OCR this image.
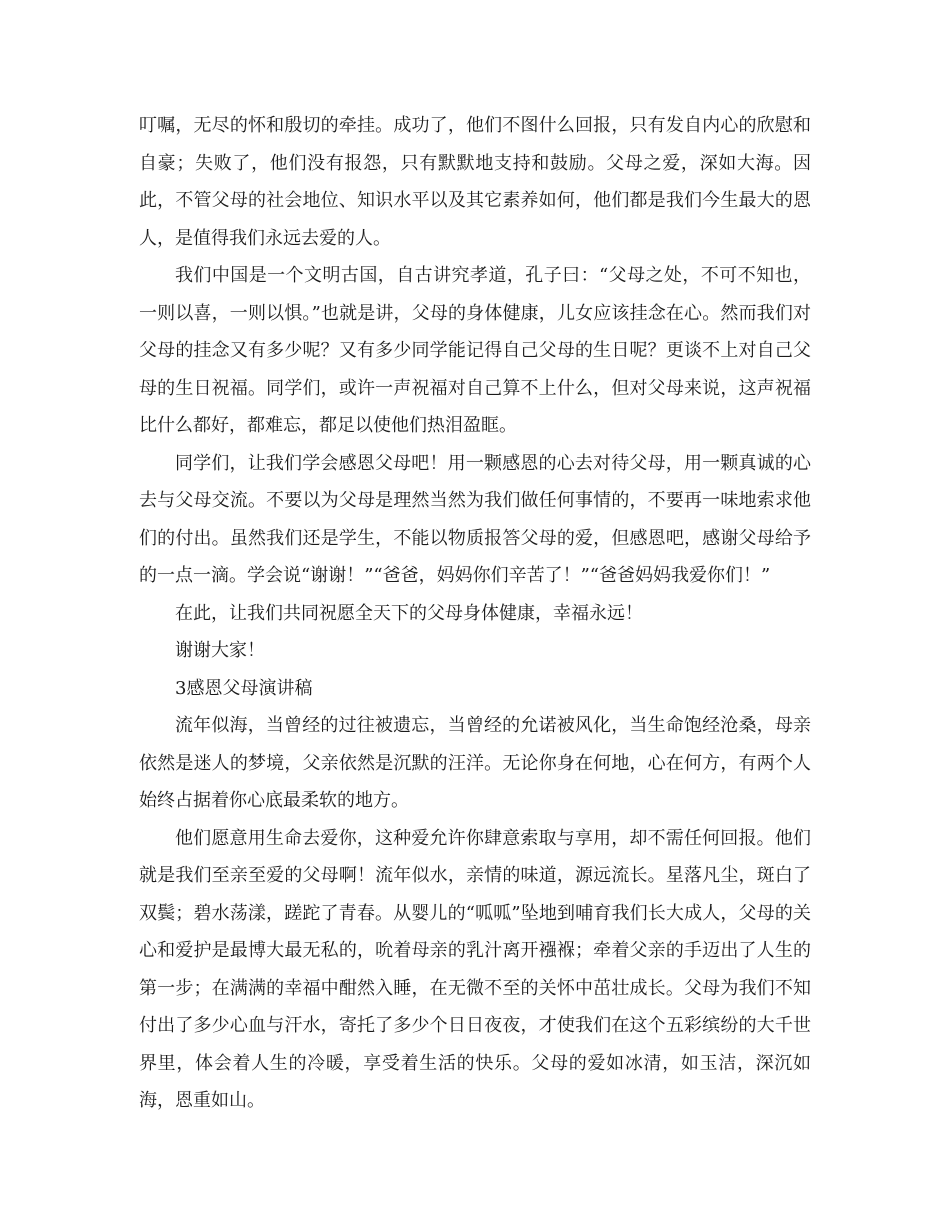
叮嘱，无尽的怀和殷切的牵挂。成功了，他们不图什么回报，只有发自内心的欣慰和自豪；失败了，他们没有报怨，只有默默地支持和鼓励。父母之爱，深如大海。因此，不管父母的社会地位、知识水平以及其它素养如何，他们都是我们今生最大的恩人，是值得我们永远去爱的人。

我们中国是一个文明古国，自古讲究孝道，孔子曰：“父母之处，不可不知也，一则以喜，一则以惧。”也就是讲，父母的身体健康，儿女应该挂念在心。然而我们对父母的挂念又有多少呢？又有多少同学能记得自己父母的生日呢？更谈不上对自己父母的生日祝福。同学们，或许一声祝福对自己算不上什么，但对父母来说，这声祝福比什么都好，都难忘，都足以使他们热泪盈眶。

同学们，让我们学会感恩父母吧！用一颗感恩的心去对待父母，用一颗真诚的心去与父母交流。不要以为父母是理然当然为我们做任何事情的，不要再一味地索求他们的付出。虽然我们还是学生，不能以物质报答父母的爱，但感恩吧，感谢父母给予的一点一滴。学会说“谢谢！”“爸爸，妈妈你们辛苦了！”“爸爸妈妈我爱你们！”

在此，让我们共同祝愿全天下的父母身体健康，幸福永远！

谢谢大家！

3感恩父母演讲稿

流年似海，当曾经的过往被遗忘，当曾经的允诺被风化，当生命饱经沧桑，母亲依然是迷人的梦境，父亲依然是沉默的汪洋。无论你身在何地，心在何方，有两个人始终占据着你心底最柔软的地方。

他们愿意用生命去爱你，这种爱允许你肆意索取与享用，却不需任何回报。他们就是我们至亲至爱的父母啊！流年似水，亲情的味道，源远流长。星落凡尘，斑白了双鬓；碧水荡漾，蹉跎了青春。从婴儿的“呱呱”坠地到哺育我们长大成人，父母的关心和爱护是最博大最无私的，吮着母亲的乳汁离开襁褓；牵着父亲的手迈出了人生的第一步；在满满的幸福中酣然入睡，在无微不至的关怀中茁壮成长。父母为我们不知付出了多少心血与汗水，寄托了多少个日日夜夜，才使我们在这个五彩缤纷的大千世界里，体会着人生的冷暖，享受着生活的快乐。父母的爱如冰清，如玉洁，深沉如海，恩重如山。
